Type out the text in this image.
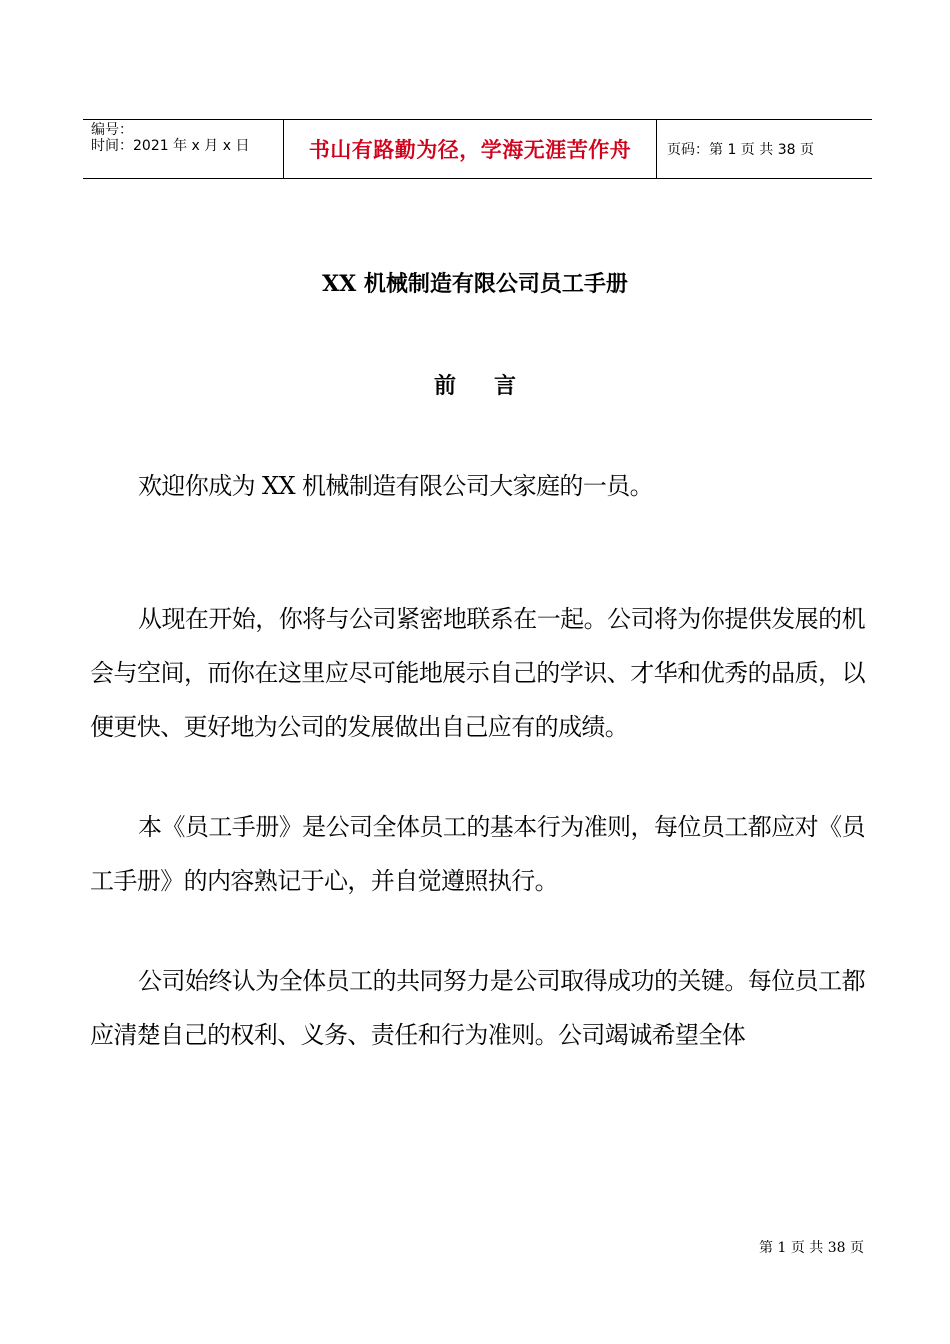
编号：
时间：2021 年 x 月 x 日	书山有路勤为径，学海无涯苦作舟	页码：第 1 页 共 38 页
XX 机械制造有限公司员工手册
前言

欢迎你成为 XX 机械制造有限公司大家庭的一员。

从现在开始，你将与公司紧密地联系在一起。公司将为你提供发展的机会与空间，而你在这里应尽可能地展示自己的学识、才华和优秀的品质，以便更快、更好地为公司的发展做出自己应有的成绩。

本《员工手册》是公司全体员工的基本行为准则，每位员工都应对《员工手册》的内容熟记于心，并自觉遵照执行。

公司始终认为全体员工的共同努力是公司取得成功的关键。每位员工都应清楚自己的权利、义务、责任和行为准则。公司竭诚希望全体

第 1 页 共 38 页
